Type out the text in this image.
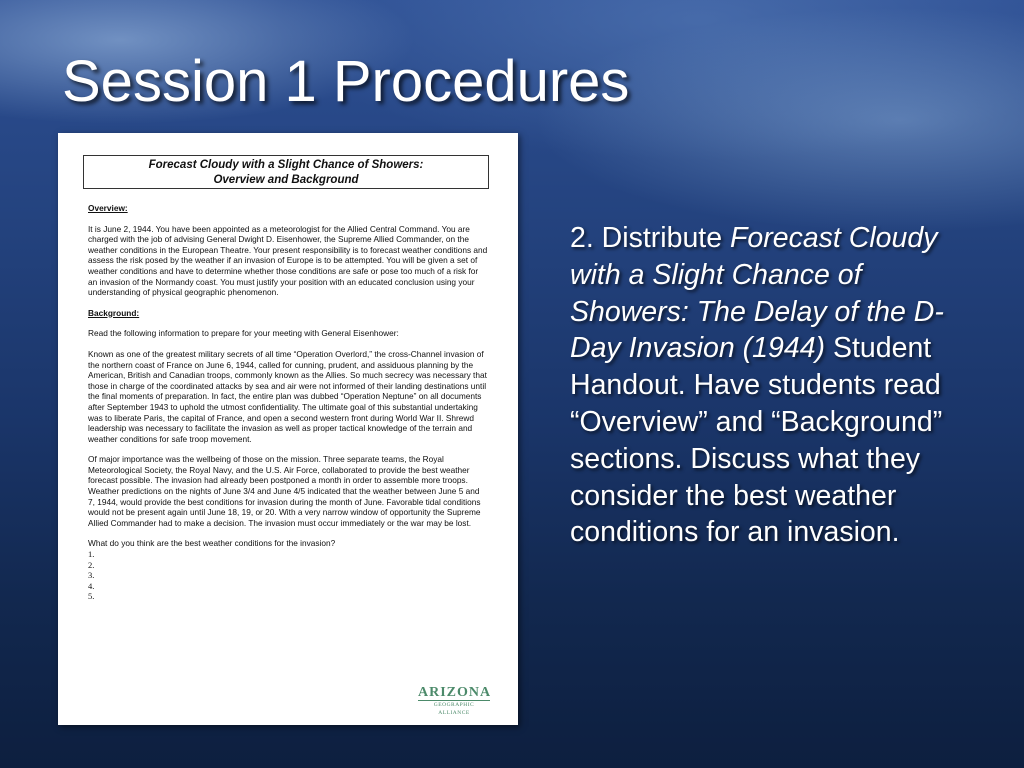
Session 1 Procedures
Forecast Cloudy with a Slight Chance of Showers:
Overview and Background
Overview:

It is June 2, 1944. You have been appointed as a meteorologist for the Allied Central Command. You are charged with the job of advising General Dwight D. Eisenhower, the Supreme Allied Commander, on the weather conditions in the European Theatre. Your present responsibility is to forecast weather conditions and assess the risk posed by the weather if an invasion of Europe is to be attempted. You will be given a set of weather conditions and have to determine whether those conditions are safe or pose too much of a risk for an invasion of the Normandy coast. You must justify your position with an educated conclusion using your understanding of physical geographic phenomenon.

Background:

Read the following information to prepare for your meeting with General Eisenhower:

Known as one of the greatest military secrets of all time “Operation Overlord,” the cross-Channel invasion of the northern coast of France on June 6, 1944, called for cunning, prudent, and assiduous planning by the American, British and Canadian troops, commonly known as the Allies. So much secrecy was necessary that those in charge of the coordinated attacks by sea and air were not informed of their landing destinations until the final moments of preparation. In fact, the entire plan was dubbed “Operation Neptune” on all documents after September 1943 to uphold the utmost confidentiality. The ultimate goal of this substantial undertaking was to liberate Paris, the capital of France, and open a second western front during World War II. Shrewd leadership was necessary to facilitate the invasion as well as proper tactical knowledge of the terrain and weather conditions for safe troop movement.

Of major importance was the wellbeing of those on the mission. Three separate teams, the Royal Meteorological Society, the Royal Navy, and the U.S. Air Force, collaborated to provide the best weather forecast possible. The invasion had already been postponed a month in order to assemble more troops. Weather predictions on the nights of June 3/4 and June 4/5 indicated that the weather between June 5 and 7, 1944, would provide the best conditions for invasion during the month of June. Favorable tidal conditions would not be present again until June 18, 19, or 20. With a very narrow window of opportunity the Supreme Allied Commander had to make a decision. The invasion must occur immediately or the war may be lost.

What do you think are the best weather conditions for the invasion?

1.
2.
3.
4.
5.
ARIZONA
GEOGRAPHIC ALLIANCE
2. Distribute Forecast Cloudy with a Slight Chance of Showers: The Delay of the D-Day Invasion (1944) Student Handout. Have students read “Overview” and “Background” sections. Discuss what they consider the best weather conditions for an invasion.
